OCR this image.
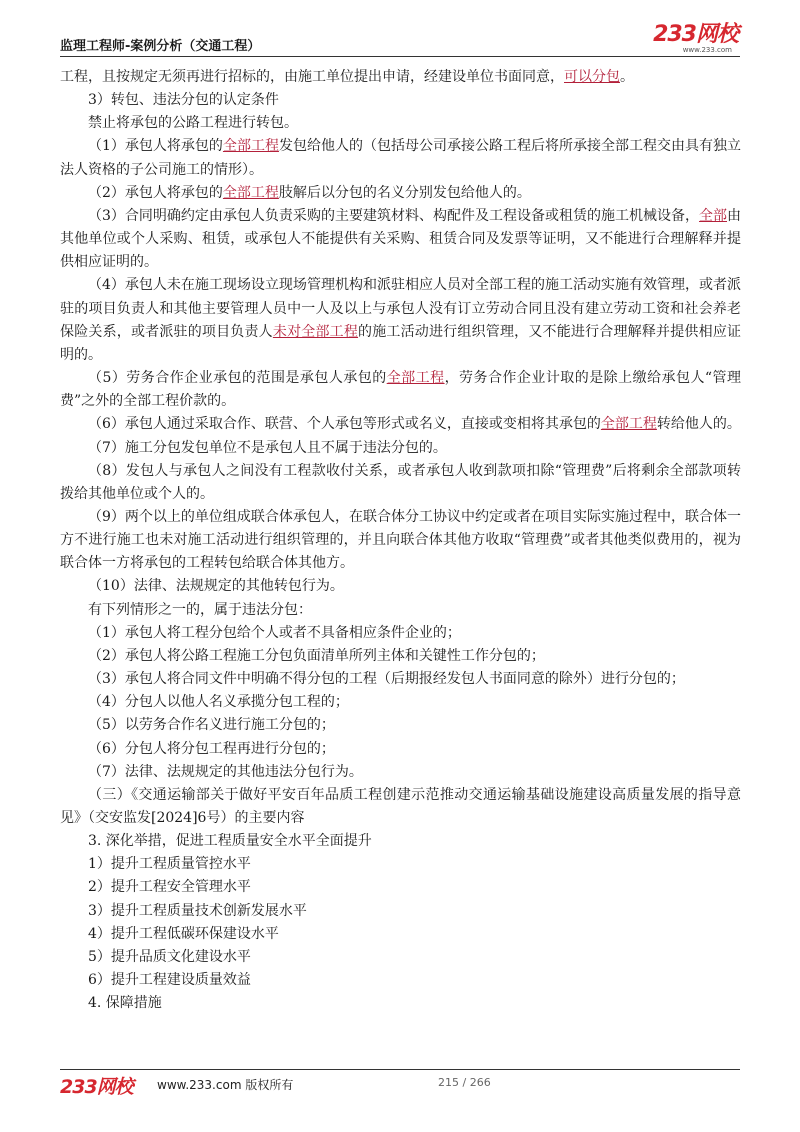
监理工程师-案例分析（交通工程）	233网校
www.233.com

工程，且按规定无须再进行招标的，由施工单位提出申请，经建设单位书面同意，可以分包。

3）转包、违法分包的认定条件

禁止将承包的公路工程进行转包。

（1）承包人将承包的全部工程发包给他人的（包括母公司承接公路工程后将所承接全部工程交由具有独立法人资格的子公司施工的情形）。

（2）承包人将承包的全部工程肢解后以分包的名义分别发包给他人的。

（3）合同明确约定由承包人负责采购的主要建筑材料、构配件及工程设备或租赁的施工机械设备，全部由其他单位或个人采购、租赁，或承包人不能提供有关采购、租赁合同及发票等证明，又不能进行合理解释并提供相应证明的。

（4）承包人未在施工现场设立现场管理机构和派驻相应人员对全部工程的施工活动实施有效管理，或者派驻的项目负责人和其他主要管理人员中一人及以上与承包人没有订立劳动合同且没有建立劳动工资和社会养老保险关系，或者派驻的项目负责人未对全部工程的施工活动进行组织管理，又不能进行合理解释并提供相应证明的。

（5）劳务合作企业承包的范围是承包人承包的全部工程，劳务合作企业计取的是除上缴给承包人“管理费”之外的全部工程价款的。

（6）承包人通过采取合作、联营、个人承包等形式或名义，直接或变相将其承包的全部工程转给他人的。

（7）施工分包发包单位不是承包人且不属于违法分包的。

（8）发包人与承包人之间没有工程款收付关系，或者承包人收到款项扣除“管理费”后将剩余全部款项转拨给其他单位或个人的。

（9）两个以上的单位组成联合体承包人，在联合体分工协议中约定或者在项目实际实施过程中，联合体一方不进行施工也未对施工活动进行组织管理的，并且向联合体其他方收取“管理费”或者其他类似费用的，视为联合体一方将承包的工程转包给联合体其他方。

（10）法律、法规规定的其他转包行为。

有下列情形之一的，属于违法分包：

（1）承包人将工程分包给个人或者不具备相应条件企业的；

（2）承包人将公路工程施工分包负面清单所列主体和关键性工作分包的；

（3）承包人将合同文件中明确不得分包的工程（后期报经发包人书面同意的除外）进行分包的；

（4）分包人以他人名义承揽分包工程的；

（5）以劳务合作名义进行施工分包的；

（6）分包人将分包工程再进行分包的；

（7）法律、法规规定的其他违法分包行为。

（三）《交通运输部关于做好平安百年品质工程创建示范推动交通运输基础设施建设高质量发展的指导意见》（交安监发[2024]6号）的主要内容

3. 深化举措，促进工程质量安全水平全面提升

1）提升工程质量管控水平

2）提升工程安全管理水平

3）提升工程质量技术创新发展水平

4）提升工程低碳环保建设水平

5）提升品质文化建设水平

6）提升工程建设质量效益

4. 保障措施

233网校 www.233.com 版权所有	215 / 266
